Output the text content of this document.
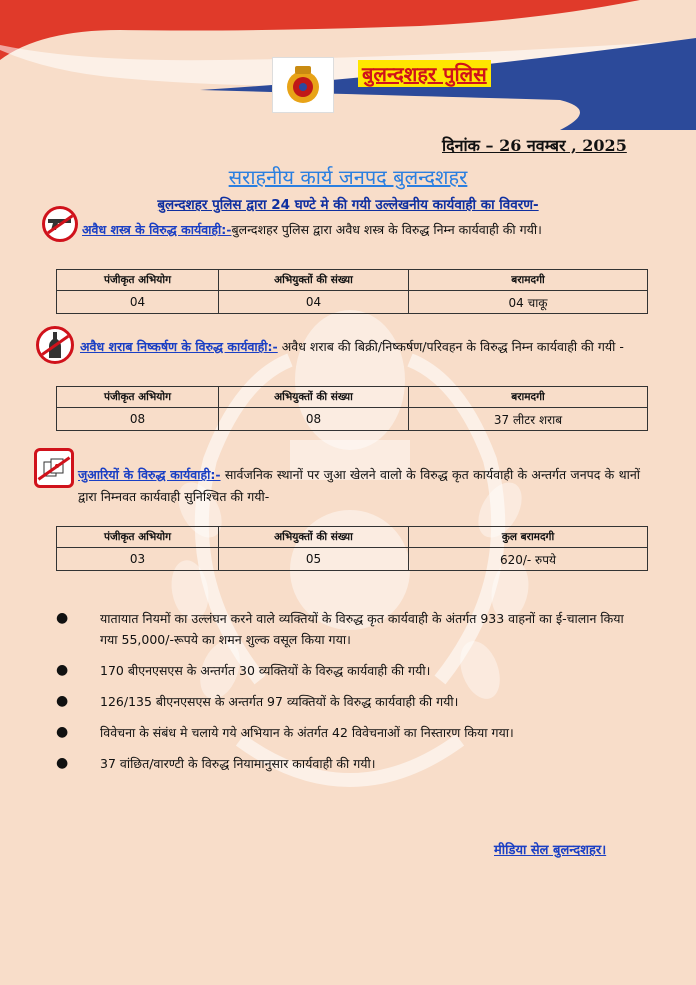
बुलन्दशहर पुलिस
दिनांक – 26 नवम्बर , 2025
सराहनीय कार्य जनपद बुलन्दशहर
बुलन्दशहर पुलिस द्वारा 24 घण्टे मे की गयी उल्लेखनीय कार्यवाही का विवरण-
अवैध शस्त्र के विरुद्ध कार्यवाही:-बुलन्दशहर पुलिस द्वारा अवैध शस्त्र के विरुद्ध निम्न कार्यवाही की गयी।
पंजीकृत अभियोग	अभियुक्तों की संख्या	बरामदगी
04	04	04 चाकू
अवैध शराब निष्कर्षण के विरुद्ध कार्यवाही:- अवैध शराब की बिक्री/निष्कर्षण/परिवहन के विरुद्ध निम्न कार्यवाही की गयी -
पंजीकृत अभियोग	अभियुक्तों की संख्या	बरामदगी
08	08	37 लीटर शराब
जुआरियों के विरुद्ध कार्यवाही:- सार्वजनिक स्थानों पर जुआ खेलने वालो के विरुद्ध कृत कार्यवाही के अन्तर्गत जनपद के थानों द्वारा निम्नवत कार्यवाही सुनिश्चित की गयी-
पंजीकृत अभियोग	अभियुक्तों की संख्या	कुल बरामदगी
03	05	620/- रुपये
●	यातायात नियमों का उल्लंघन करने वाले व्यक्तियों के विरुद्ध कृत कार्यवाही के अंतर्गत 933 वाहनों का ई-चालान किया गया 55,000/-रूपये का शमन शुल्क वसूल किया गया।
●	170 बीएनएसएस के अन्तर्गत 30 व्यक्तियों के विरुद्ध कार्यवाही की गयी।
●	126/135 बीएनएसएस के अन्तर्गत 97 व्यक्तियों के विरुद्ध कार्यवाही की गयी।
●	विवेचना के संबंध मे चलाये गये अभियान के अंतर्गत 42 विवेचनाओं का निस्तारण किया गया।
●	37 वांछित/वारण्टी के विरुद्ध नियामानुसार कार्यवाही की गयी।
मीडिया सेल बुलन्दशहर।
